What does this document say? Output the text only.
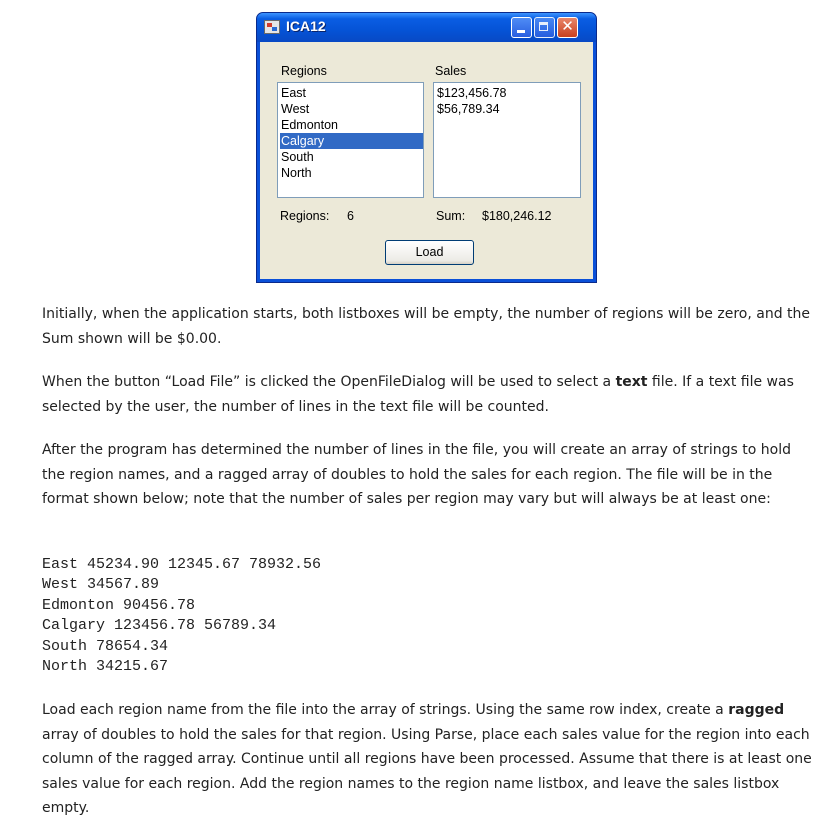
ICA12	✕
Regions	Sales
East
West
Edmonton
Calgary
South
North
$123,456.78
$56,789.34
Regions: 6	Sum: $180,246.12
Load
Initially, when the application starts, both listboxes will be empty, the number of regions will be zero, and the Sum shown will be $0.00.
When the button “Load File” is clicked the OpenFileDialog will be used to select a text file. If a text file was selected by the user, the number of lines in the text file will be counted.
After the program has determined the number of lines in the file, you will create an array of strings to hold the region names, and a ragged array of doubles to hold the sales for each region. The file will be in the format shown below; note that the number of sales per region may vary but will always be at least one:
East 45234.90 12345.67 78932.56
West 34567.89
Edmonton 90456.78
Calgary 123456.78 56789.34
South 78654.34
North 34215.67
Load each region name from the file into the array of strings. Using the same row index, create a ragged array of doubles to hold the sales for that region. Using Parse, place each sales value for the region into each column of the ragged array. Continue until all regions have been processed. Assume that there is at least one sales value for each region. Add the region names to the region name listbox, and leave the sales listbox empty.
